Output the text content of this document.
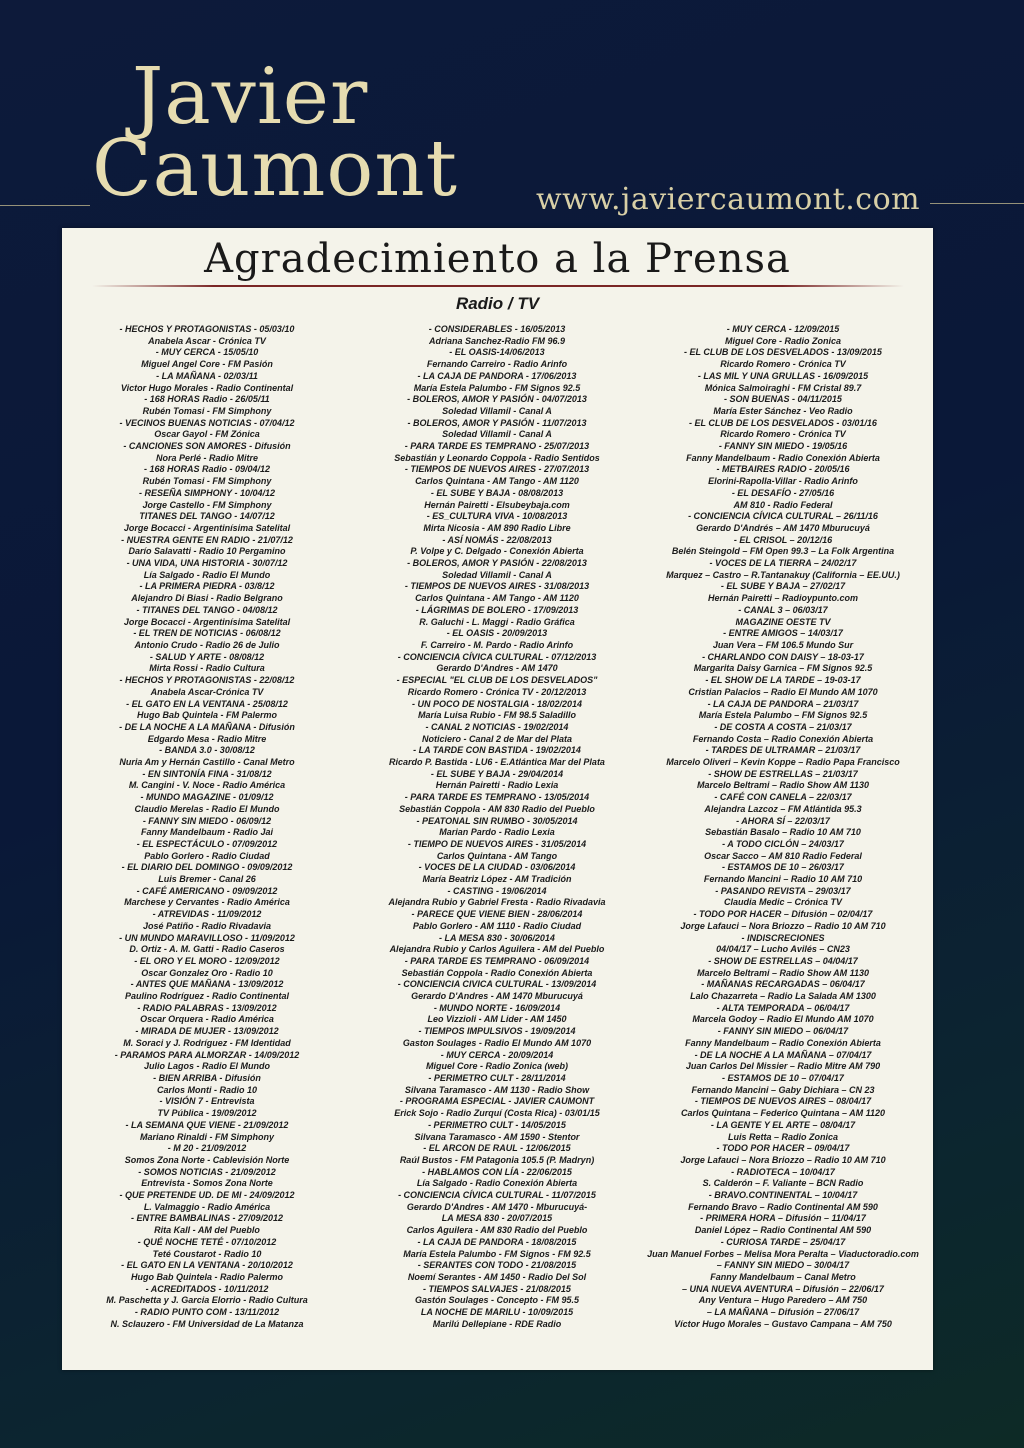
Javier
Caumont	www.javiercaumont.com
Agradecimiento a la Prensa
Radio / TV
- HECHOS Y PROTAGONISTAS - 05/03/10
Anabela Ascar - Crónica TV
- MUY CERCA - 15/05/10
Miguel Angel Core - FM Pasión
- LA MAÑANA - 02/03/11
Victor Hugo Morales - Radio Continental
- 168 HORAS Radio - 26/05/11
Rubén Tomasi - FM Simphony
- VECINOS BUENAS NOTICIAS - 07/04/12
Oscar Gayol - FM Zónica
- CANCIONES SON AMORES - Difusión
Nora Perlé - Radio Mitre
- 168 HORAS Radio - 09/04/12
Rubén Tomasi - FM Simphony
- RESEÑA SIMPHONY - 10/04/12
Jorge Castello - FM Simphony
TITANES DEL TANGO - 14/07/12
Jorge Bocacci - Argentinísima Satelital
- NUESTRA GENTE EN RADIO - 21/07/12
Darío Salavatti - Radio 10 Pergamino
- UNA VIDA, UNA HISTORIA - 30/07/12
Lía Salgado - Radio El Mundo
- LA PRIMERA PIEDRA - 03/8/12
Alejandro Di Biasi - Radio Belgrano
- TITANES DEL TANGO - 04/08/12
Jorge Bocacci - Argentinísima Satelital
- EL TREN DE NOTICIAS - 06/08/12
Antonio Crudo - Radio 26 de Julio
- SALUD Y ARTE - 08/08/12
Mirta Rossi - Radio Cultura
- HECHOS Y PROTAGONISTAS - 22/08/12
Anabela Ascar-Crónica TV
- EL GATO EN LA VENTANA - 25/08/12
Hugo Bab Quintela - FM Palermo
- DE LA NOCHE A LA MAÑANA - Difusión
Edgardo Mesa - Radio Mitre
- BANDA 3.0 - 30/08/12
Nuria Am y Hernán Castillo - Canal Metro
- EN SINTONÍA FINA - 31/08/12
M. Cangini - V. Noce - Radio América
- MUNDO MAGAZINE - 01/09/12
Claudio Merelas - Radio El Mundo
- FANNY SIN MIEDO - 06/09/12
Fanny Mandelbaum - Radio Jai
- EL ESPECTÁCULO - 07/09/2012
Pablo Gorlero - Radio Ciudad
- EL DIARIO DEL DOMINGO - 09/09/2012
Luis Bremer - Canal 26
- CAFÉ AMERICANO - 09/09/2012
Marchese y Cervantes - Radio América
- ATREVIDAS - 11/09/2012
José Patiño - Radio Rivadavia
- UN MUNDO MARAVILLOSO - 11/09/2012
D. Ortiz - A. M. Gatti - Radio Caseros
- EL ORO Y EL MORO - 12/09/2012
Oscar Gonzalez Oro - Radio 10
- ANTES QUE MAÑANA - 13/09/2012
Paulino Rodríguez - Radio Continental
- RADIO PALABRAS - 13/09/2012
Oscar Orquera - Radio América
- MIRADA DE MUJER - 13/09/2012
M. Soraci y J. Rodríguez - FM Identidad
- PARAMOS PARA ALMORZAR - 14/09/2012
Julio Lagos - Radio El Mundo
- BIEN ARRIBA - Difusión
Carlos Monti - Radio 10
- VISIÓN 7 - Entrevista
TV Pública - 19/09/2012
- LA SEMANA QUE VIENE - 21/09/2012
Mariano Rinaldi - FM Simphony
- M 20 - 21/09/2012
Somos Zona Norte - Cablevisión Norte
- SOMOS NOTICIAS - 21/09/2012
Entrevista - Somos Zona Norte
- QUE PRETENDE UD. DE MI - 24/09/2012
L. Valmaggio - Radio América
- ENTRE BAMBALINAS - 27/09/2012
Rita Kall - AM del Pueblo
- QUÉ NOCHE TETÉ - 07/10/2012
Teté Coustarot - Radio 10
- EL GATO EN LA VENTANA - 20/10/2012
Hugo Bab Quintela - Radio Palermo
- ACREDITADOS - 10/11/2012
M. Paschetta y J. Garcia Elorrio - Radio Cultura
- RADIO PUNTO COM - 13/11/2012
N. Sclauzero - FM Universidad de La Matanza
- CONSIDERABLES - 16/05/2013
Adriana Sanchez-Radio FM 96.9
- EL OASIS-14/06/2013
Fernando Carreiro - Radio Arinfo
- LA CAJA DE PANDORA - 17/06/2013
María Estela Palumbo - FM Signos 92.5
- BOLEROS, AMOR Y PASIÓN - 04/07/2013
Soledad Villamil - Canal A
- BOLEROS, AMOR Y PASIÓN - 11/07/2013
Soledad Villamil - Canal A
- PARA TARDE ES TEMPRANO - 25/07/2013
Sebastián y Leonardo Coppola - Radio Sentidos
- TIEMPOS DE NUEVOS AIRES - 27/07/2013
Carlos Quintana - AM Tango - AM 1120
- EL SUBE Y BAJA - 08/08/2013
Hernán Pairetti - Elsubeybaja.com
- ES_CULTURA VIVA - 10/08/2013
Mirta Nicosia - AM 890 Radio Libre
- ASÍ NOMÁS - 22/08/2013
P. Volpe y C. Delgado - Conexión Abierta
- BOLEROS, AMOR Y PASIÓN - 22/08/2013
Soledad Villamil - Canal A
- TIEMPOS DE NUEVOS AIRES - 31/08/2013
Carlos Quintana - AM Tango - AM 1120
- LÁGRIMAS DE BOLERO - 17/09/2013
R. Galuchi - L. Maggi - Radio Gráfica
- EL OASIS - 20/09/2013
F. Carreiro - M. Pardo - Radio Arinfo
- CONCIENCIA CÍVICA CULTURAL - 07/12/2013
Gerardo D'Andres - AM 1470
- ESPECIAL "EL CLUB DE LOS DESVELADOS"
Ricardo Romero - Crónica TV - 20/12/2013
- UN POCO DE NOSTALGIA - 18/02/2014
María Luisa Rubio - FM 98.5 Saladillo
- CANAL 2 NOTICIAS - 19/02/2014
Noticiero - Canal 2 de Mar del Plata
- LA TARDE CON BASTIDA - 19/02/2014
Ricardo P. Bastida - LU6 - E.Atlántica Mar del Plata
- EL SUBE Y BAJA - 29/04/2014
Hernán Pairetti - Radio Lexia
- PARA TARDE ES TEMPRANO - 13/05/2014
Sebastián Coppola - AM 830 Radio del Pueblo
- PEATONAL SIN RUMBO - 30/05/2014
Marian Pardo - Radio Lexia
- TIEMPO DE NUEVOS AIRES - 31/05/2014
Carlos Quintana - AM Tango
- VOCES DE LA CIUDAD - 03/06/2014
María Beatriz López - AM Tradición
- CASTING - 19/06/2014
Alejandra Rubio y Gabriel Fresta - Radio Rivadavia
- PARECE QUE VIENE BIEN - 28/06/2014
Pablo Gorlero - AM 1110 - Radio Ciudad
- LA MESA 830 - 30/06/2014
Alejandra Rubio y Carlos Aguilera - AM del Pueblo
- PARA TARDE ES TEMPRANO - 06/09/2014
Sebastián Coppola - Radio Conexión Abierta
- CONCIENCIA CIVICA CULTURAL - 13/09/2014
Gerardo D'Andres - AM 1470 Mburucuyá
- MUNDO NORTE - 16/09/2014
Leo Vizzioli - AM Lider - AM 1450
- TIEMPOS IMPULSIVOS - 19/09/2014
Gaston Soulages - Radio El Mundo AM 1070
- MUY CERCA - 20/09/2014
Miguel Core - Radio Zonica (web)
- PERIMETRO CULT - 28/11/2014
Silvana Taramasco - AM 1130 - Radio Show
- PROGRAMA ESPECIAL - JAVIER CAUMONT
Erick Sojo - Radio Zurquí (Costa Rica) - 03/01/15
- PERIMETRO CULT - 14/05/2015
Silvana Taramasco - AM 1590 - Stentor
- EL ARCON DE RAUL - 12/06/2015
Raúl Bustos - FM Patagonia 105.5 (P. Madryn)
- HABLAMOS CON LÍA - 22/06/2015
Lía Salgado - Radio Conexión Abierta
- CONCIENCIA CÍVICA CULTURAL - 11/07/2015
Gerardo D'Andres - AM 1470 - Mburucuyá-
LA MESA 830 - 20/07/2015
Carlos Aguilera - AM 830 Radio del Pueblo
- LA CAJA DE PANDORA - 18/08/2015
María Estela Palumbo - FM Signos - FM 92.5
- SERANTES CON TODO - 21/08/2015
Noemí Serantes - AM 1450 - Radio Del Sol
- TIEMPOS SALVAJES - 21/08/2015
Gastón Soulages - Concepto - FM 95.5
LA NOCHE DE MARILU - 10/09/2015
Marilú Dellepiane - RDE Radio
- MUY CERCA - 12/09/2015
Miguel Core - Radio Zonica
- EL CLUB DE LOS DESVELADOS - 13/09/2015
Ricardo Romero - Crónica TV
- LAS MIL Y UNA GRULLAS - 16/09/2015
Mónica Salmoiraghi - FM Cristal 89.7
- SON BUENAS - 04/11/2015
María Ester Sánchez - Veo Radio
- EL CLUB DE LOS DESVELADOS - 03/01/16
Ricardo Romero - Crónica TV
- FANNY SIN MIEDO - 19/05/16
Fanny Mandelbaum - Radio Conexión Abierta
- METBAIRES RADIO - 20/05/16
Elorini-Rapolla-Villar - Radio Arinfo
- EL DESAFÍO - 27/05/16
AM 810 - Radio Federal
- CONCIENCIA CÍVICA CULTURAL – 26/11/16
Gerardo D'Andrés – AM 1470 Mburucuyá
- EL CRISOL – 20/12/16
Belén Steingold – FM Open 99.3 – La Folk Argentina
- VOCES DE LA TIERRA – 24/02/17
Marquez – Castro – R.Tantanakuy (California – EE.UU.)
- EL SUBE Y BAJA – 27/02/17
Hernán Pairetti – Radioypunto.com
- CANAL 3 – 06/03/17
MAGAZINE OESTE TV
- ENTRE AMIGOS – 14/03/17
Juan Vera – FM 106.5 Mundo Sur
- CHARLANDO CON DAISY – 18-03-17
Margarita Daisy Garnica – FM Signos 92.5
- EL SHOW DE LA TARDE – 19-03-17
Cristian Palacios – Radio El Mundo AM 1070
- LA CAJA DE PANDORA – 21/03/17
María Estela Palumbo – FM Signos 92.5
- DE COSTA A COSTA – 21/03/17
Fernando Costa – Radio Conexión Abierta
- TARDES DE ULTRAMAR – 21/03/17
Marcelo Oliveri – Kevin Koppe – Radio Papa Francisco
- SHOW DE ESTRELLAS – 21/03/17
Marcelo Beltrami – Radio Show AM 1130
- CAFÉ CON CANELA – 22/03/17
Alejandra Lazcoz – FM Atlántida 95.3
- AHORA SÍ – 22/03/17
Sebastián Basalo – Radio 10 AM 710
- A TODO CICLÓN – 24/03/17
Oscar Sacco – AM 810 Radio Federal
- ESTAMOS DE 10 – 26/03/17
Fernando Mancini – Radio 10 AM 710
- PASANDO REVISTA – 29/03/17
Claudia Medic – Crónica TV
- TODO POR HACER – Difusión – 02/04/17
Jorge Lafauci – Nora Briozzo – Radio 10 AM 710
- INDISCRECIONES
04/04/17 – Lucho Avilés – CN23
- SHOW DE ESTRELLAS – 04/04/17
Marcelo Beltrami – Radio Show AM 1130
- MAÑANAS RECARGADAS – 06/04/17
Lalo Chazarreta – Radio La Salada AM 1300
- ALTA TEMPORADA – 06/04/17
Marcela Godoy – Radio El Mundo AM 1070
- FANNY SIN MIEDO – 06/04/17
Fanny Mandelbaum – Radio Conexión Abierta
- DE LA NOCHE A LA MAÑANA – 07/04/17
Juan Carlos Del Missier – Radio Mitre AM 790
- ESTAMOS DE 10 – 07/04/17
Fernando Mancini – Gaby Dichiara – CN 23
- TIEMPOS DE NUEVOS AIRES – 08/04/17
Carlos Quintana – Federico Quintana – AM 1120
- LA GENTE Y EL ARTE – 08/04/17
Luis Retta – Radio Zonica
- TODO POR HACER – 09/04/17
Jorge Lafauci – Nora Briozzo – Radio 10 AM 710
- RADIOTECA – 10/04/17
S. Calderón – F. Valiante – BCN Radio
- BRAVO.CONTINENTAL – 10/04/17
Fernando Bravo – Radio Continental AM 590
- PRIMERA HORA – Difusión – 11/04/17
Daniel López – Radio Continental AM 590
- CURIOSA TARDE – 25/04/17
Juan Manuel Forbes – Melisa Mora Peralta – Viaductoradio.com
– FANNY SIN MIEDO – 30/04/17
Fanny Mandelbaum – Canal Metro
– UNA NUEVA AVENTURA – Difusión – 22/06/17
Any Ventura – Hugo Paredero – AM 750
– LA MAÑANA – Difusión – 27/06/17
Víctor Hugo Morales – Gustavo Campana – AM 750
